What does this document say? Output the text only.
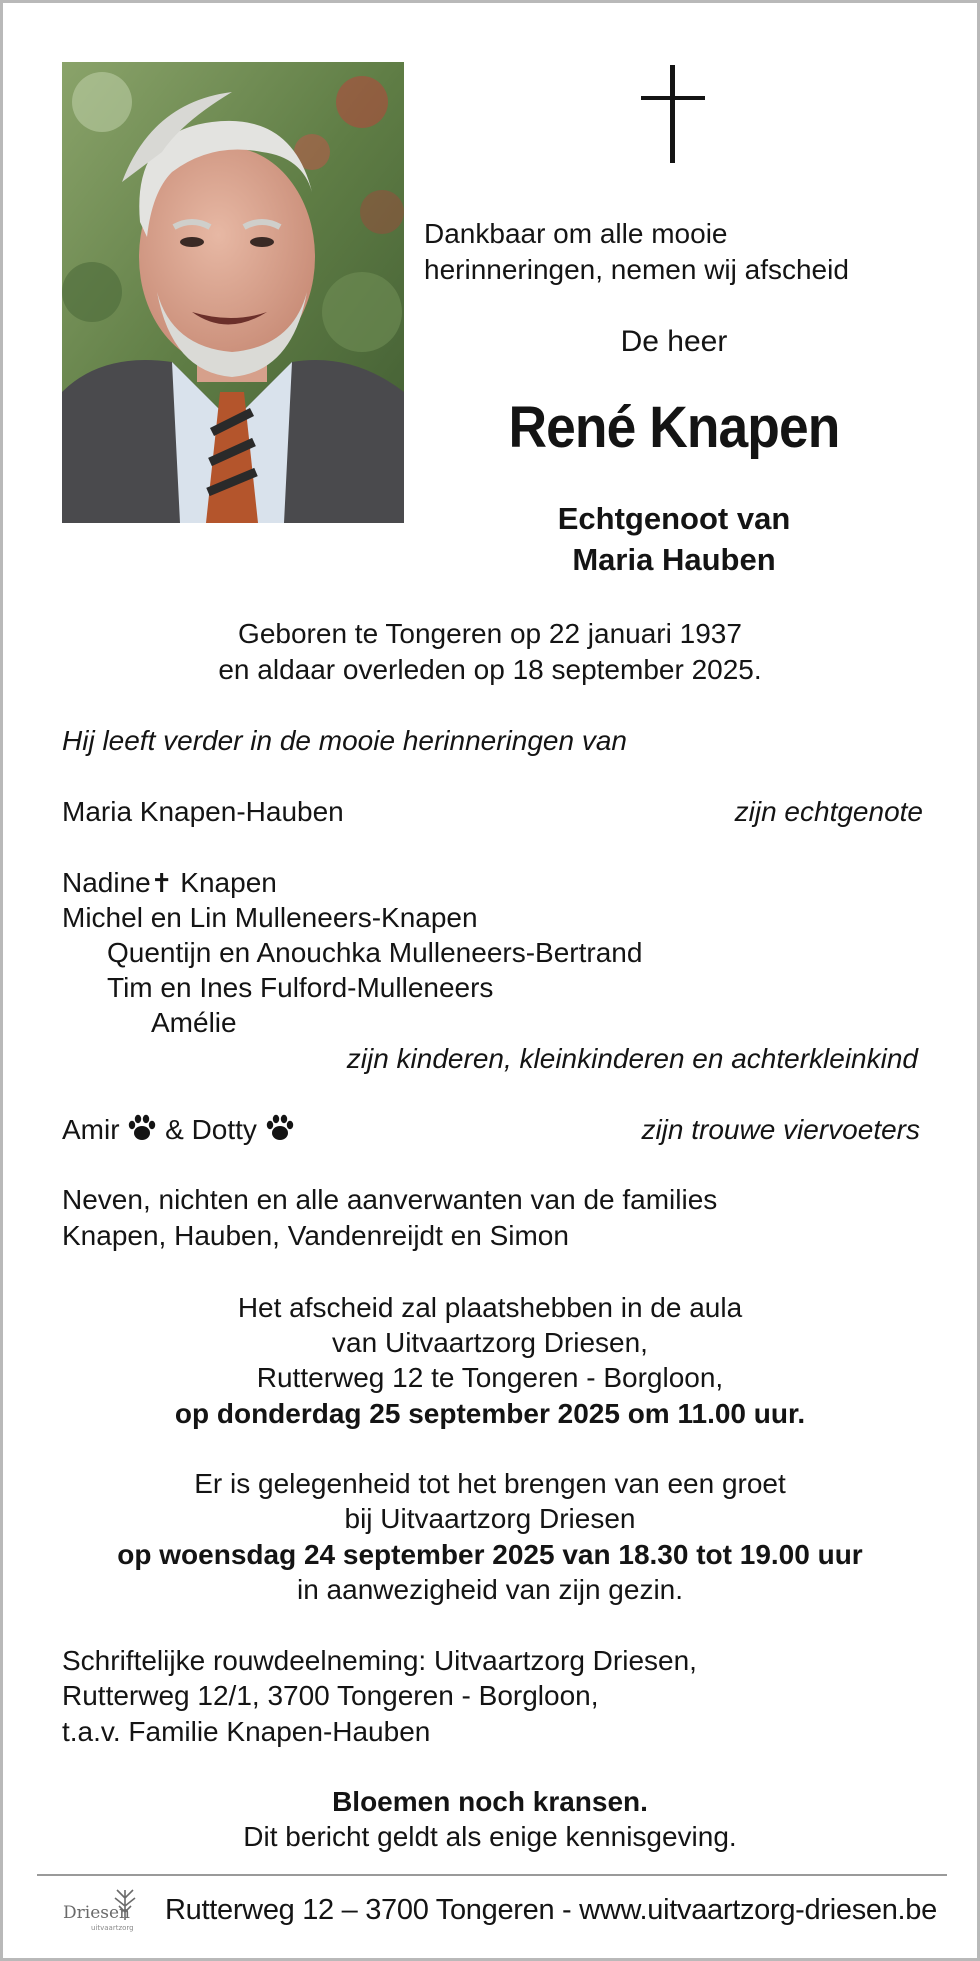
Dankbaar om alle mooie
herinneringen, nemen wij afscheid
De heer
René Knapen
Echtgenoot van
Maria Hauben
Geboren te Tongeren op 22 januari 1937
en aldaar overleden op 18 september 2025.
Hij leeft verder in de mooie herinneringen van
Maria Knapen-Hauben	zijn echtgenote
Nadine✝ Knapen
Michel en Lin Mulleneers-Knapen
Quentijn en Anouchka Mulleneers-Bertrand
Tim en Ines Fulford-Mulleneers
Amélie
zijn kinderen, kleinkinderen en achterkleinkind
Amir & Dotty	zijn trouwe viervoeters
Neven, nichten en alle aanverwanten van de families
Knapen, Hauben, Vandenreijdt en Simon
Het afscheid zal plaatshebben in de aula
van Uitvaartzorg Driesen,
Rutterweg 12 te Tongeren - Borgloon,
op donderdag 25 september 2025 om 11.00 uur.
Er is gelegenheid tot het brengen van een groet
bij Uitvaartzorg Driesen
op woensdag 24 september 2025 van 18.30 tot 19.00 uur
in aanwezigheid van zijn gezin.
Schriftelijke rouwdeelneming: Uitvaartzorg Driesen,
Rutterweg 12/1, 3700 Tongeren - Borgloon,
t.a.v. Familie Knapen-Hauben
Bloemen noch kransen.
Dit bericht geldt als enige kennisgeving.
Driesen
uitvaartzorg
Rutterweg 12 – 3700 Tongeren - www.uitvaartzorg-driesen.be
